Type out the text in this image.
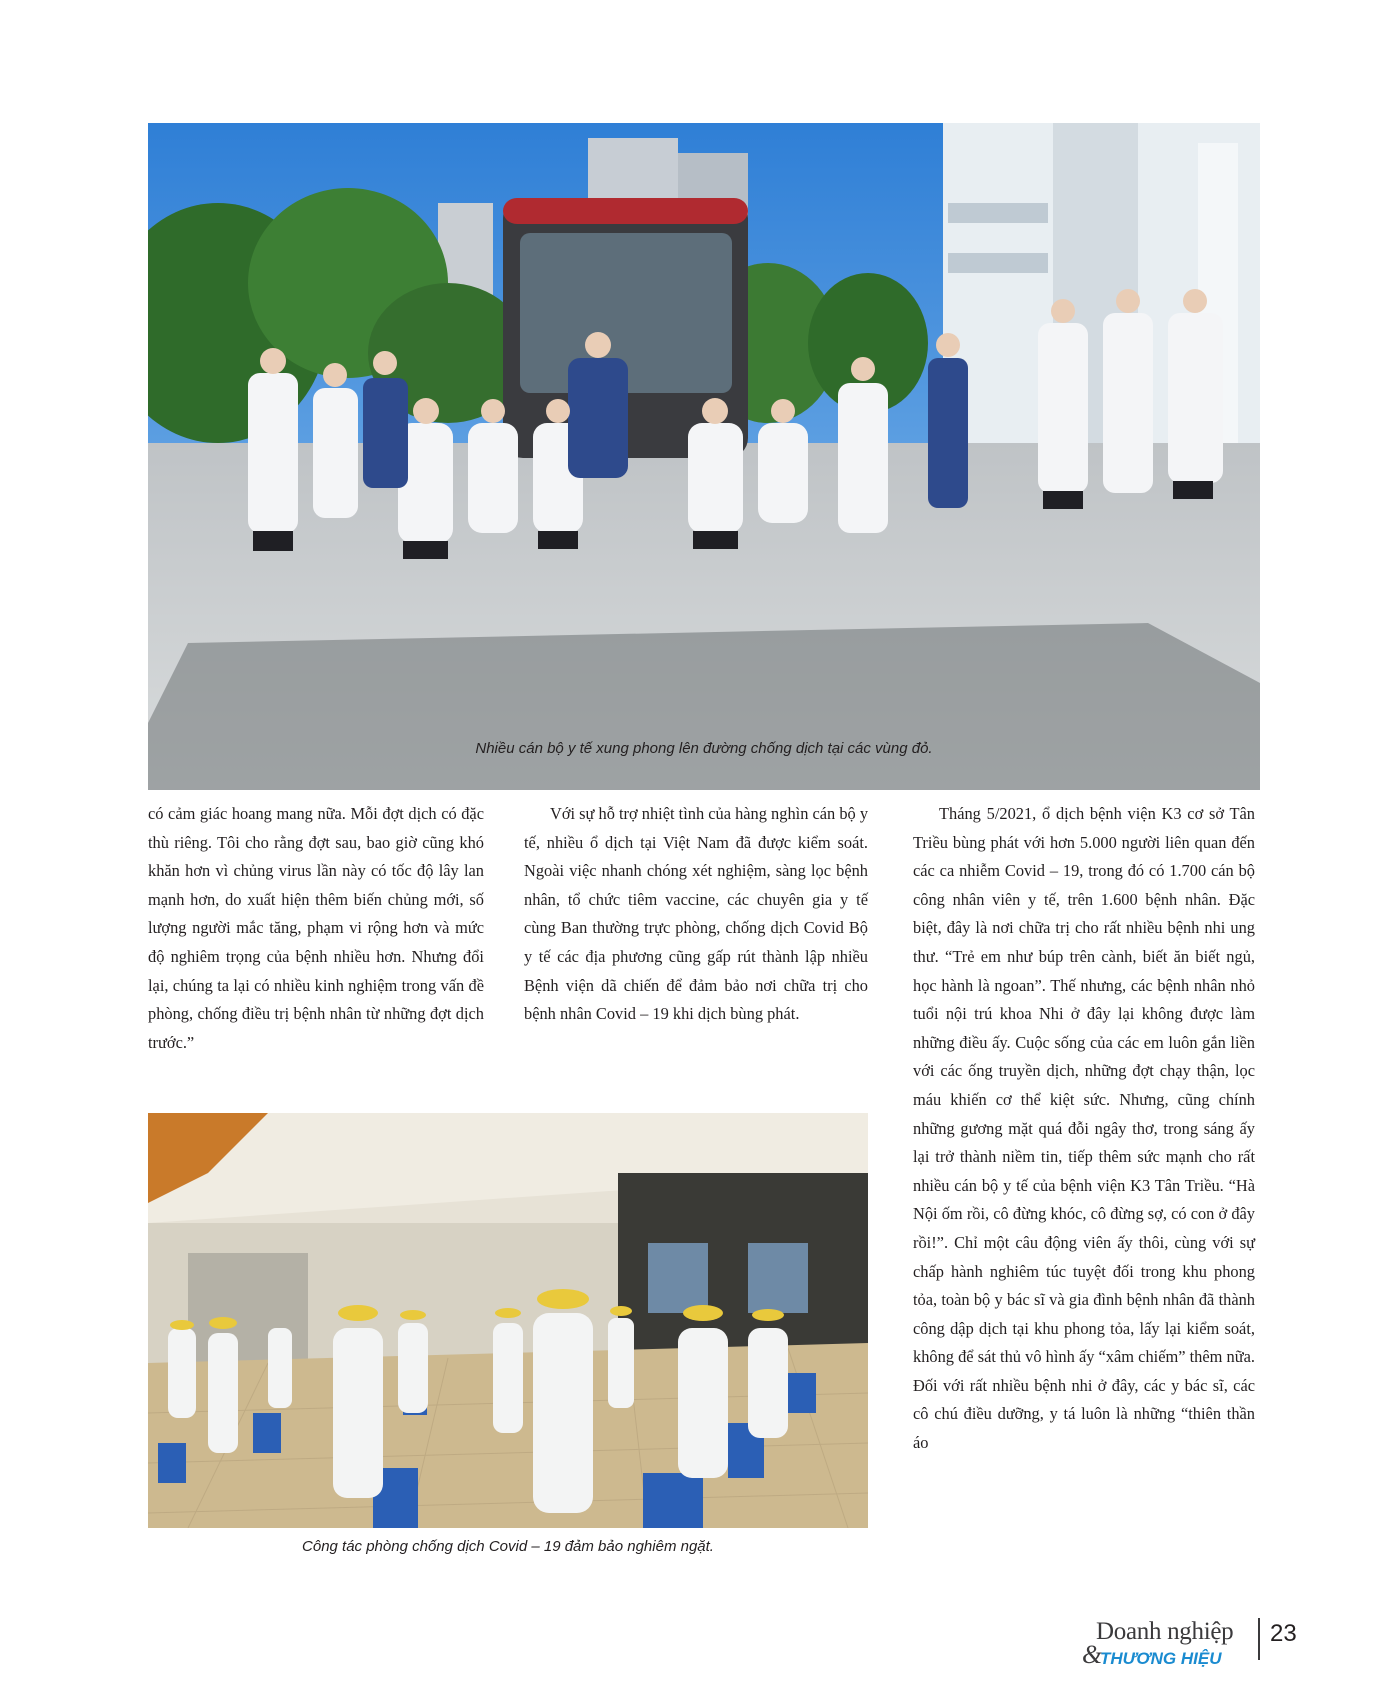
Nhiều cán bộ y tế xung phong lên đường chống dịch tại các vùng đỏ.

có cảm giác hoang mang nữa. Mỗi đợt dịch có đặc thù riêng. Tôi cho rằng đợt sau, bao giờ cũng khó khăn hơn vì chủng virus lần này có tốc độ lây lan mạnh hơn, do xuất hiện thêm biến chủng mới, số lượng người mắc tăng, phạm vi rộng hơn và mức độ nghiêm trọng của bệnh nhiều hơn. Nhưng đổi lại, chúng ta lại có nhiều kinh nghiệm trong vấn đề phòng, chống điều trị bệnh nhân từ những đợt dịch trước.”

Với sự hỗ trợ nhiệt tình của hàng nghìn cán bộ y tế, nhiều ổ dịch tại Việt Nam đã được kiểm soát. Ngoài việc nhanh chóng xét nghiệm, sàng lọc bệnh nhân, tổ chức tiêm vaccine, các chuyên gia y tế cùng Ban thường trực phòng, chống dịch Covid Bộ y tế các địa phương cũng gấp rút thành lập nhiều Bệnh viện dã chiến để đảm bảo nơi chữa trị cho bệnh nhân Covid – 19 khi dịch bùng phát.

Tháng 5/2021, ổ dịch bệnh viện K3 cơ sở Tân Triều bùng phát với hơn 5.000 người liên quan đến các ca nhiễm Covid – 19, trong đó có 1.700 cán bộ công nhân viên y tế, trên 1.600 bệnh nhân. Đặc biệt, đây là nơi chữa trị cho rất nhiều bệnh nhi ung thư. “Trẻ em như búp trên cành, biết ăn biết ngủ, học hành là ngoan”. Thế nhưng, các bệnh nhân nhỏ tuổi nội trú khoa Nhi ở đây lại không được làm những điều ấy. Cuộc sống của các em luôn gắn liền với các ống truyền dịch, những đợt chạy thận, lọc máu khiến cơ thể kiệt sức. Nhưng, cũng chính những gương mặt quá đỗi ngây thơ, trong sáng ấy lại trở thành niềm tin, tiếp thêm sức mạnh cho rất nhiều cán bộ y tế của bệnh viện K3 Tân Triều. “Hà Nội ốm rồi, cô đừng khóc, cô đừng sợ, có con ở đây rồi!”. Chỉ một câu động viên ấy thôi, cùng với sự chấp hành nghiêm túc tuyệt đối trong khu phong tỏa, toàn bộ y bác sĩ và gia đình bệnh nhân đã thành công dập dịch tại khu phong tỏa, lấy lại kiểm soát, không để sát thủ vô hình ấy “xâm chiếm” thêm nữa. Đối với rất nhiều bệnh nhi ở đây, các y bác sĩ, các cô chú điều dưỡng, y tá luôn là những “thiên thần áo

Công tác phòng chống dịch Covid – 19 đảm bảo nghiêm ngặt.
Doanh nghiệp
&
THƯƠNG HIỆU
23
